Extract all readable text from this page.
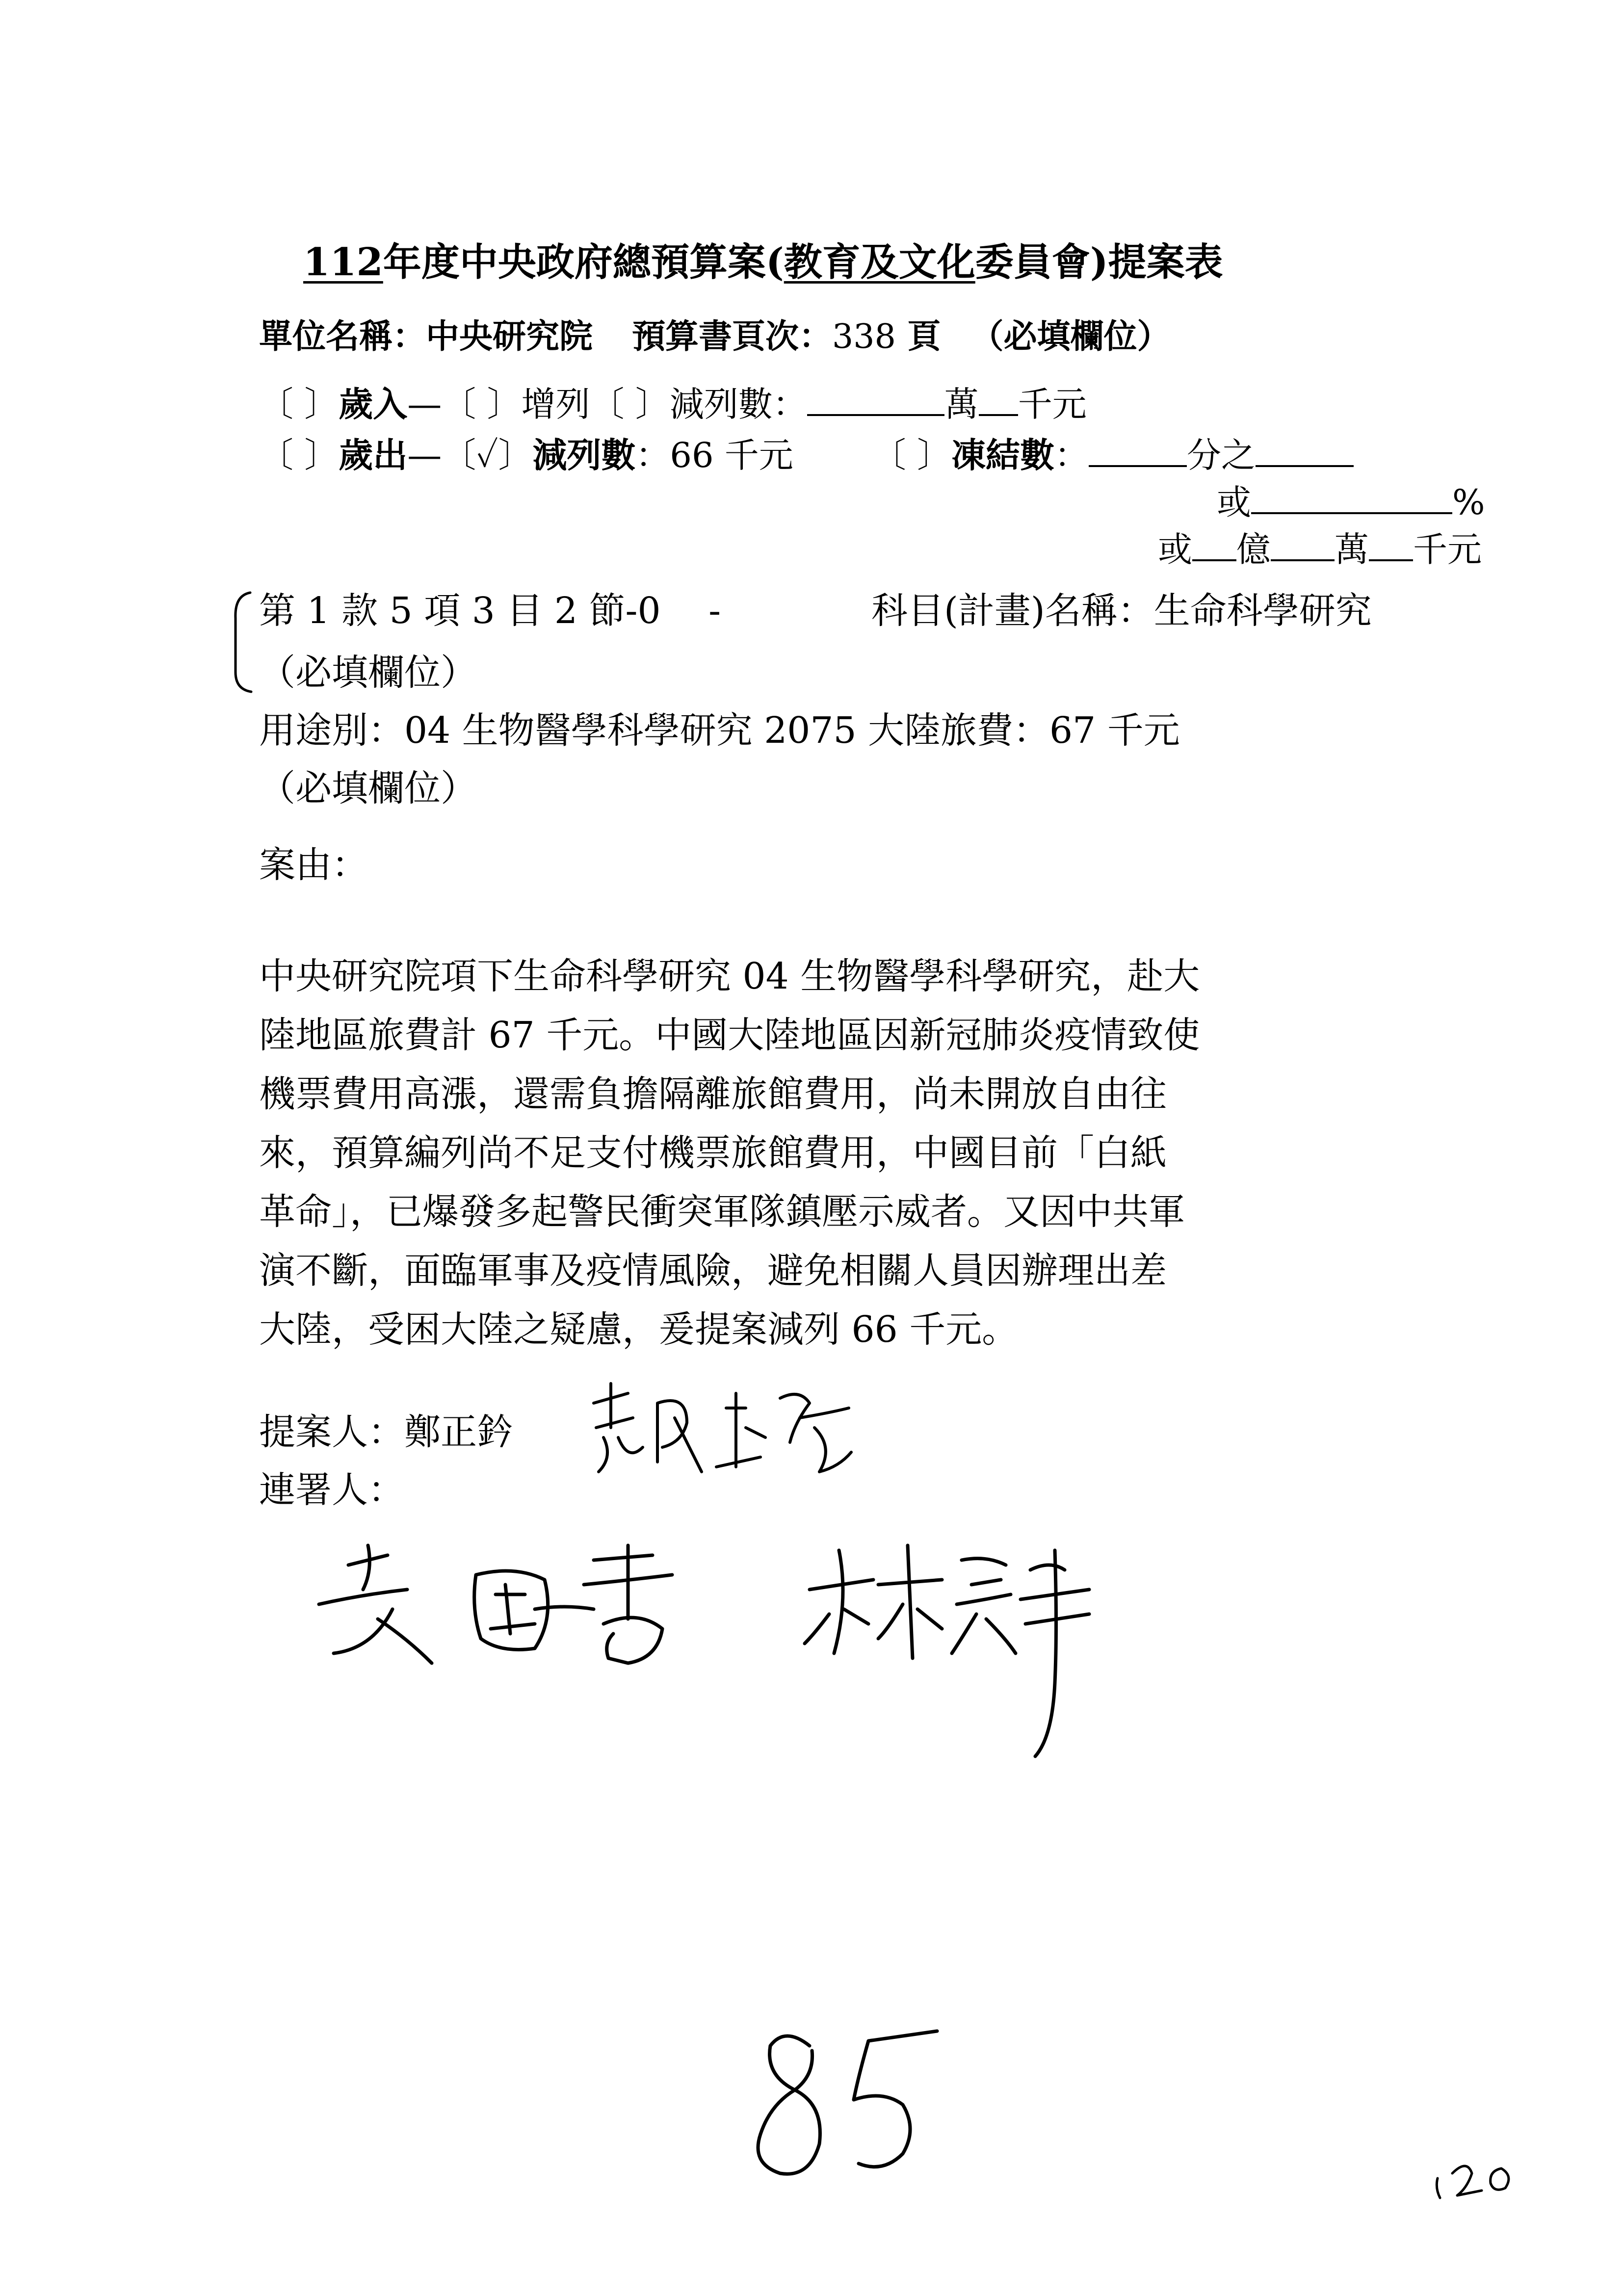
112年度中央政府總預算案(教育及文化委員會)提案表
單位名稱：中央研究院 預算書頁次：338 頁 （必填欄位）
〔 〕歲入—〔 〕增列〔 〕減列數：	萬 千元
〔 〕歲出—〔✓〕減列數：66 千元 〔 〕凍結數：	分之
或	%
或 億 萬 千元
第 1 款 5 項 3 目 2 節-0　 -	科目(計畫)名稱：生命科學研究
（必填欄位）
用途別：04 生物醫學科學研究 2075 大陸旅費：67 千元
（必填欄位）
案由：
中央研究院項下生命科學研究 04 生物醫學科學研究，赴大
陸地區旅費計 67 千元。中國大陸地區因新冠肺炎疫情致使
機票費用高漲，還需負擔隔離旅館費用，尚未開放自由往
來，預算編列尚不足支付機票旅館費用，中國目前「白紙
革命」，已爆發多起警民衝突軍隊鎮壓示威者。又因中共軍
演不斷，面臨軍事及疫情風險，避免相關人員因辦理出差
大陸，受困大陸之疑慮，爰提案減列 66 千元。
提案人：鄭正鈐
連署人：
